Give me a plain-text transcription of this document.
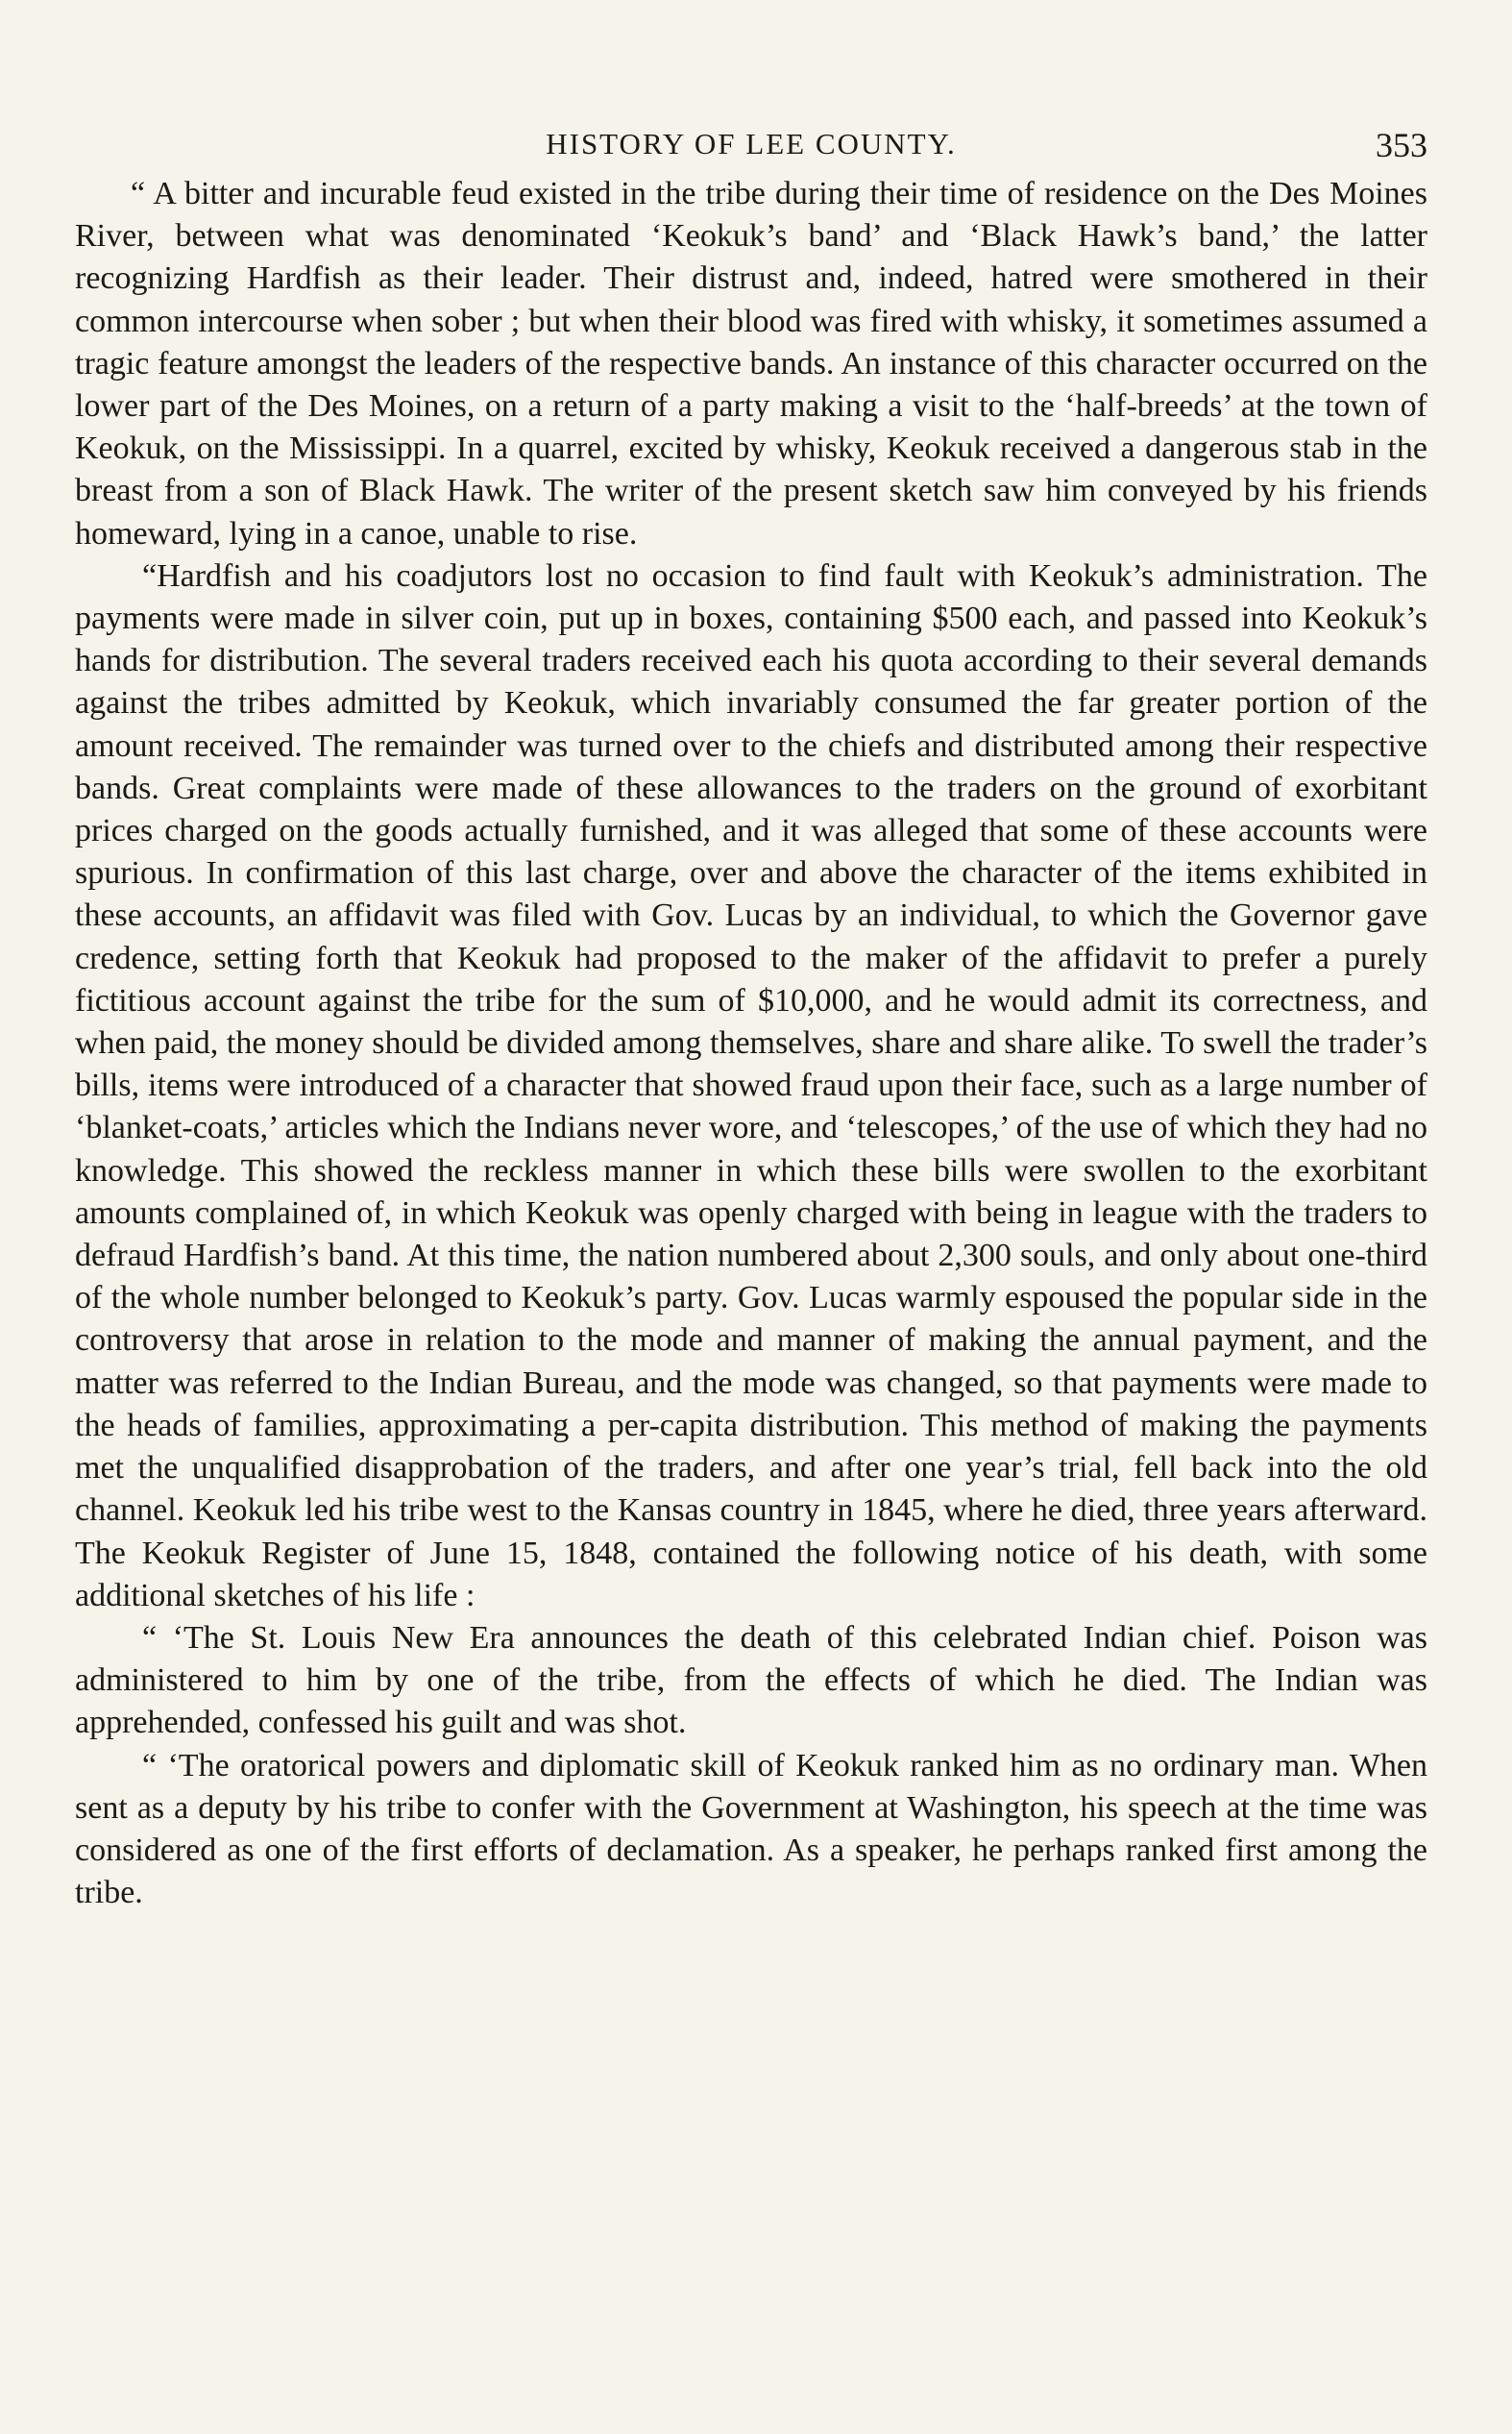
HISTORY OF LEE COUNTY.	353

“ A bitter and incurable feud existed in the tribe during their time of residence on the Des Moines River, between what was denominated ‘Keokuk’s band’ and ‘Black Hawk’s band,’ the latter recognizing Hardfish as their leader. Their distrust and, indeed, hatred were smothered in their common intercourse when sober ; but when their blood was fired with whisky, it sometimes assumed a tragic feature amongst the leaders of the respective bands. An instance of this character occurred on the lower part of the Des Moines, on a return of a party making a visit to the ‘half-breeds’ at the town of Keokuk, on the Mississippi. In a quarrel, excited by whisky, Keokuk received a dangerous stab in the breast from a son of Black Hawk. The writer of the present sketch saw him conveyed by his friends homeward, lying in a canoe, unable to rise.

“Hardfish and his coadjutors lost no occasion to find fault with Keokuk’s administration. The payments were made in silver coin, put up in boxes, containing $500 each, and passed into Keokuk’s hands for distribution. The several traders received each his quota according to their several demands against the tribes admitted by Keokuk, which invariably consumed the far greater portion of the amount received. The remainder was turned over to the chiefs and distributed among their respective bands. Great complaints were made of these allowances to the traders on the ground of exorbitant prices charged on the goods actually furnished, and it was alleged that some of these accounts were spurious. In confirmation of this last charge, over and above the character of the items exhibited in these accounts, an affidavit was filed with Gov. Lucas by an individual, to which the Governor gave credence, setting forth that Keokuk had proposed to the maker of the affidavit to prefer a purely fictitious account against the tribe for the sum of $10,000, and he would admit its correctness, and when paid, the money should be divided among themselves, share and share alike. To swell the trader’s bills, items were introduced of a character that showed fraud upon their face, such as a large number of ‘blanket-coats,’ articles which the Indians never wore, and ‘telescopes,’ of the use of which they had no knowledge. This showed the reckless manner in which these bills were swollen to the exorbitant amounts complained of, in which Keokuk was openly charged with being in league with the traders to defraud Hardfish’s band. At this time, the nation numbered about 2,300 souls, and only about one-third of the whole number belonged to Keokuk’s party. Gov. Lucas warmly espoused the popular side in the controversy that arose in relation to the mode and manner of making the annual payment, and the matter was referred to the Indian Bureau, and the mode was changed, so that payments were made to the heads of families, approximating a per-capita distribution. This method of making the payments met the unqualified disapprobation of the traders, and after one year’s trial, fell back into the old channel. Keokuk led his tribe west to the Kansas country in 1845, where he died, three years afterward. The Keokuk Register of June 15, 1848, contained the following notice of his death, with some additional sketches of his life :

“ ‘The St. Louis New Era announces the death of this celebrated Indian chief. Poison was administered to him by one of the tribe, from the effects of which he died. The Indian was apprehended, confessed his guilt and was shot.

“ ‘The oratorical powers and diplomatic skill of Keokuk ranked him as no ordinary man. When sent as a deputy by his tribe to confer with the Government at Washington, his speech at the time was considered as one of the first efforts of declamation. As a speaker, he perhaps ranked first among the tribe.
